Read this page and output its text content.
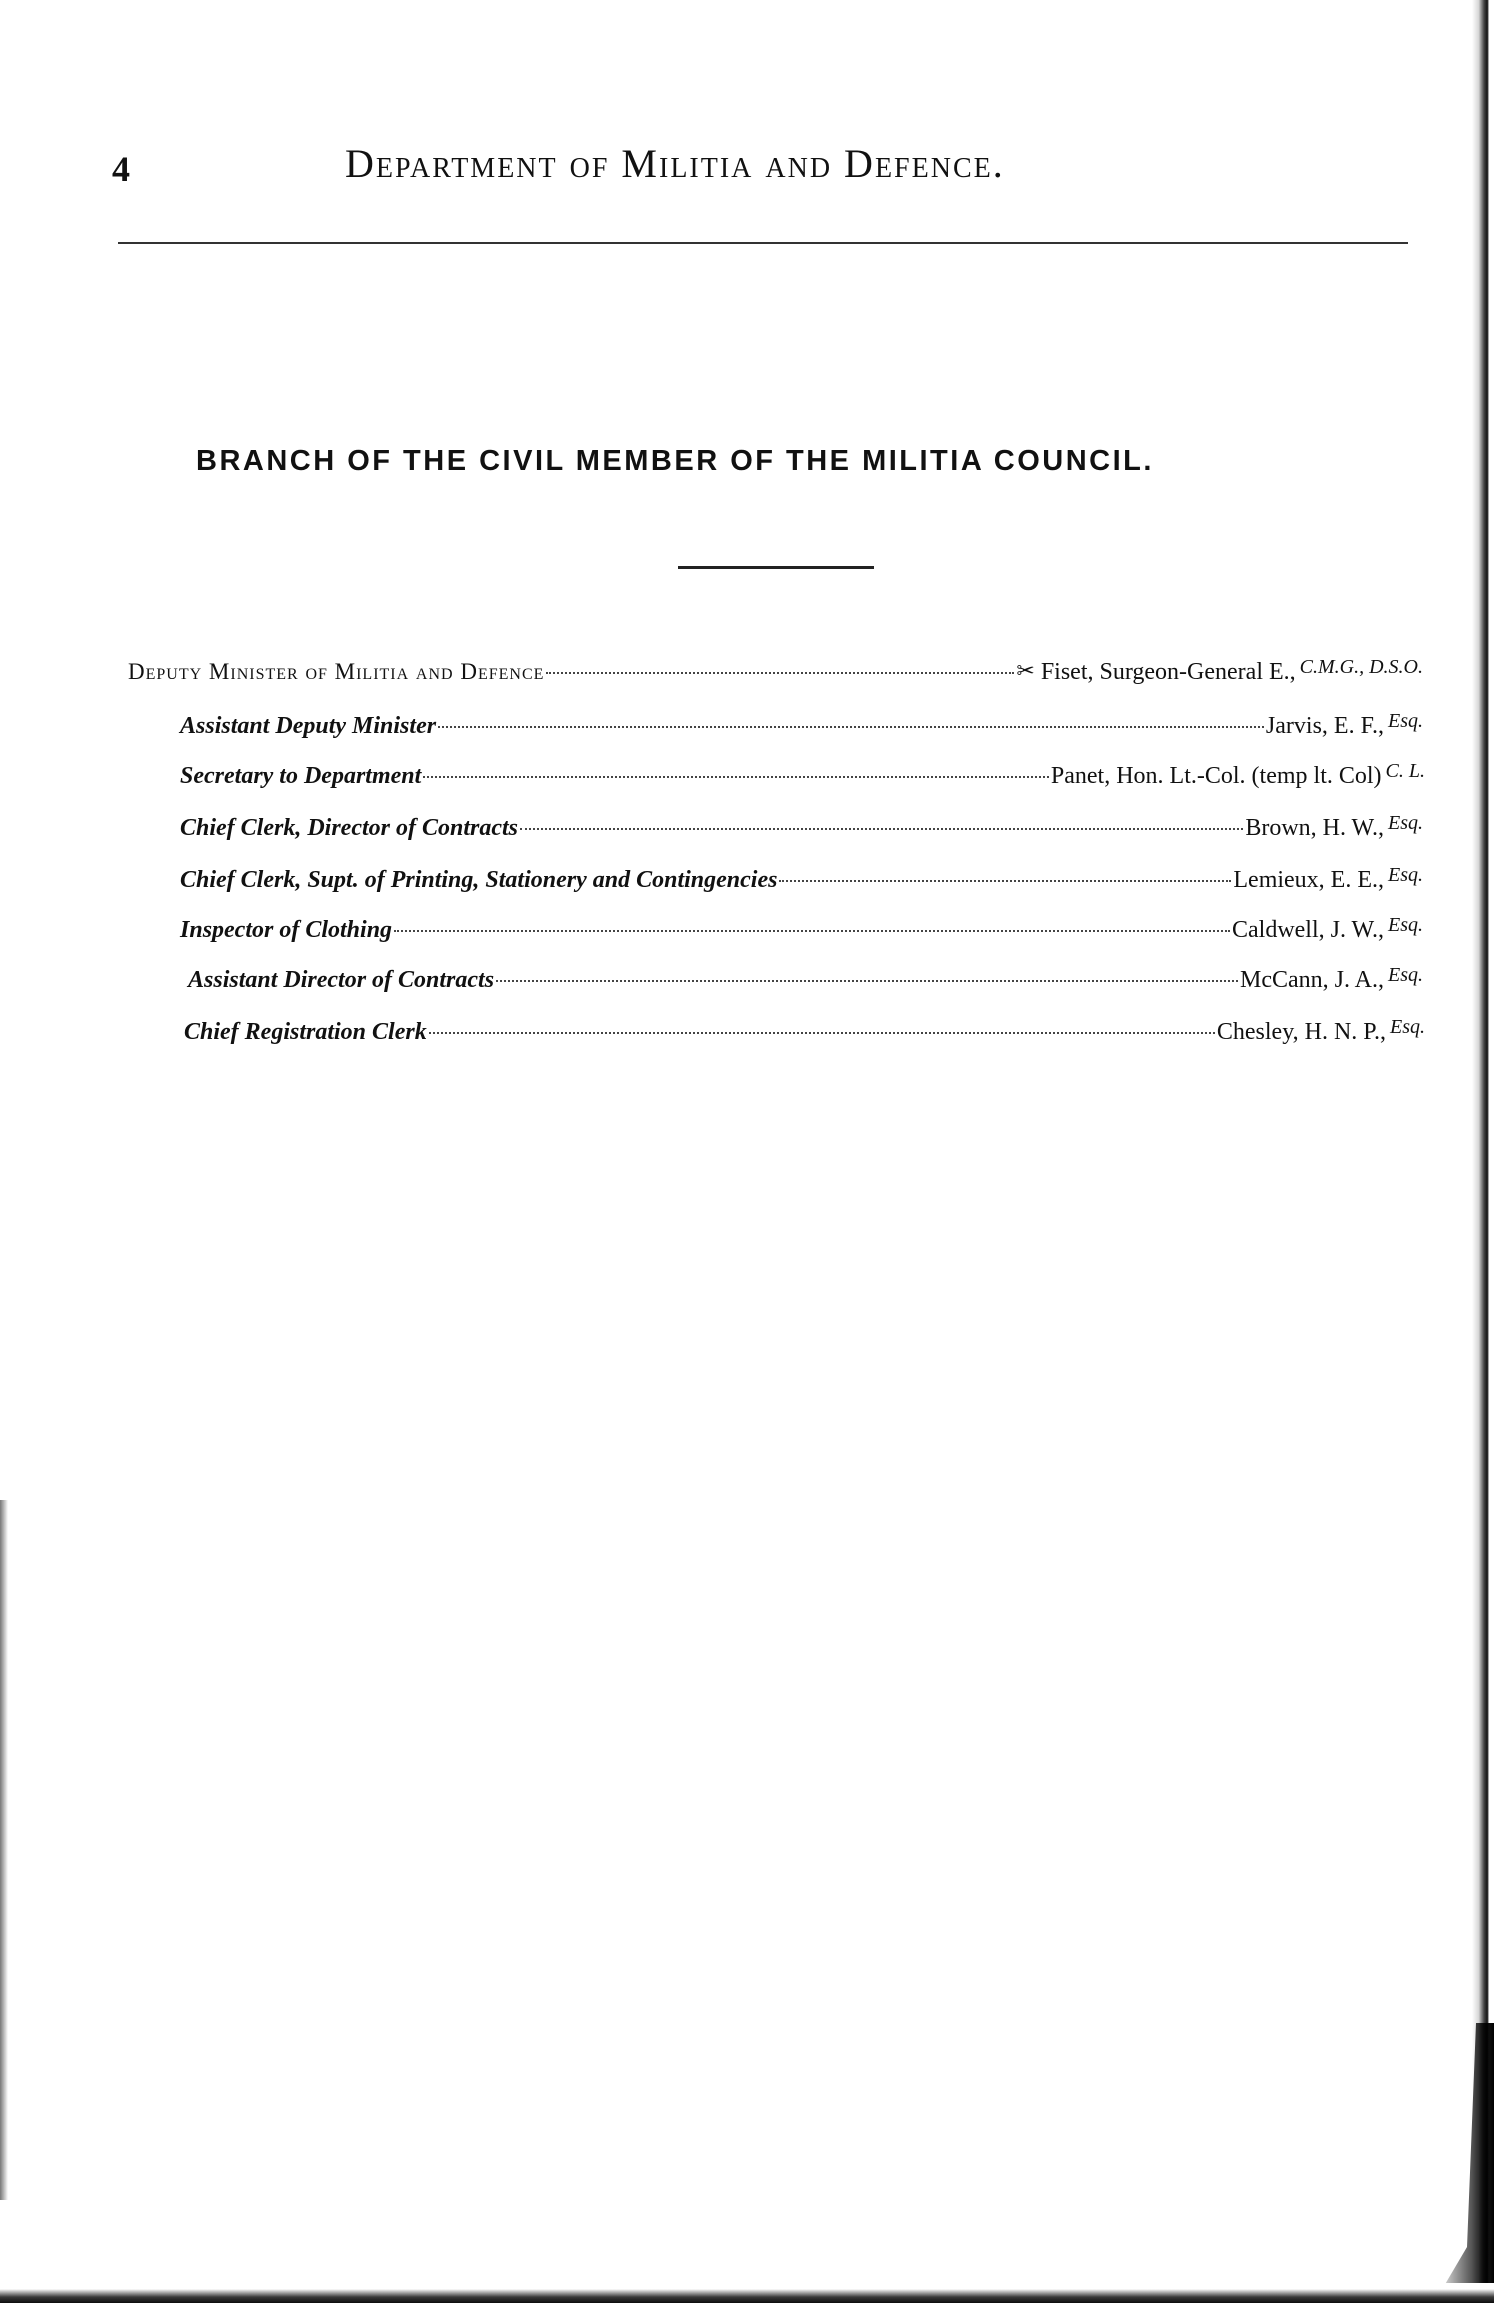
4	Department of Militia and Defence.
BRANCH OF THE CIVIL MEMBER OF THE MILITIA COUNCIL.
Deputy Minister of Militia and Defence	✂ Fiset, Surgeon-General E., $^{C.M.G., D.S.O.}$
Assistant Deputy Minister	Jarvis, E. F., $^{Esq.}$
Secretary to Department	Panet, Hon. Lt.-Col. (temp lt. Col) $^{C. L.}$
Chief Clerk, Director of Contracts	Brown, H. W., $^{Esq.}$
Chief Clerk, Supt. of Printing, Stationery and Contingencies	Lemieux, E. E., $^{Esq.}$
Inspector of Clothing	Caldwell, J. W., $^{Esq.}$
Assistant Director of Contracts	McCann, J. A., $^{Esq.}$
Chief Registration Clerk	Chesley, H. N. P., $^{Esq.}$
